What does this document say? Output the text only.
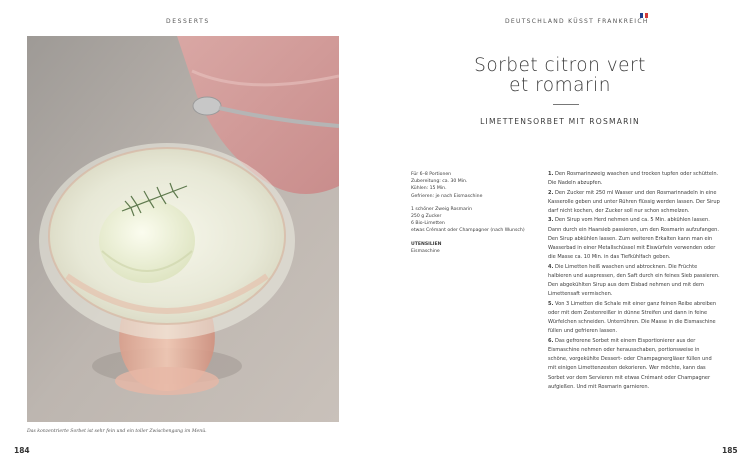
DESSERTS	DEUTSCHLAND KÜSST FRANKREICH
Das konzentrierte Sorbet ist sehr fein und ein toller Zwischengang im Menü.
184	185
Sorbet citron vert
et romarin
LIMETTENSORBET MIT ROSMARIN
Für 6–8 Portionen
Zubereitung: ca. 30 Min.
Kühlen: 15 Min.
Gefrieren: je nach Eismaschine
1 schöner Zweig Rosmarin
250 g Zucker
6 Bio-Limetten
etwas Crémant oder Champagner (nach Wunsch)
UTENSILIEN
Eismaschine

1. Den Rosmarinzweig waschen und trocken tupfen oder schütteln. Die Nadeln abzupfen.

2. Den Zucker mit 250 ml Wasser und den Rosmarinnadeln in eine Kasserolle geben und unter Rühren flüssig werden lassen. Der Sirup darf nicht kochen, der Zucker soll nur schon schmelzen.

3. Den Sirup vom Herd nehmen und ca. 5 Min. abkühlen lassen. Dann durch ein Haarsieb passieren, um den Rosmarin aufzufangen. Den Sirup abkühlen lassen. Zum weiteren Erkalten kann man ein Wasserbad in einer Metallschüssel mit Eiswürfeln verwenden oder die Masse ca. 10 Min. in das Tiefkühlfach geben.

4. Die Limetten heiß waschen und abtrocknen. Die Früchte halbieren und auspressen, den Saft durch ein feines Sieb passieren. Den abgekühlten Sirup aus dem Eisbad nehmen und mit dem Limettensaft vermischen.

5. Von 3 Limetten die Schale mit einer ganz feinen Reibe abreiben oder mit dem Zestenreißer in dünne Streifen und dann in feine Würfelchen schneiden. Unterrühren. Die Masse in die Eismaschine füllen und gefrieren lassen.

6. Das gefrorene Sorbet mit einem Eisportionierer aus der Eismaschine nehmen oder herausschaben, portionsweise in schöne, vorgekühlte Dessert- oder Champagnergläser füllen und mit einigen Limettenzesten dekorieren. Wer möchte, kann das Sorbet vor dem Servieren mit etwas Crémant oder Champagner aufgießen. Und mit Rosmarin garnieren.
